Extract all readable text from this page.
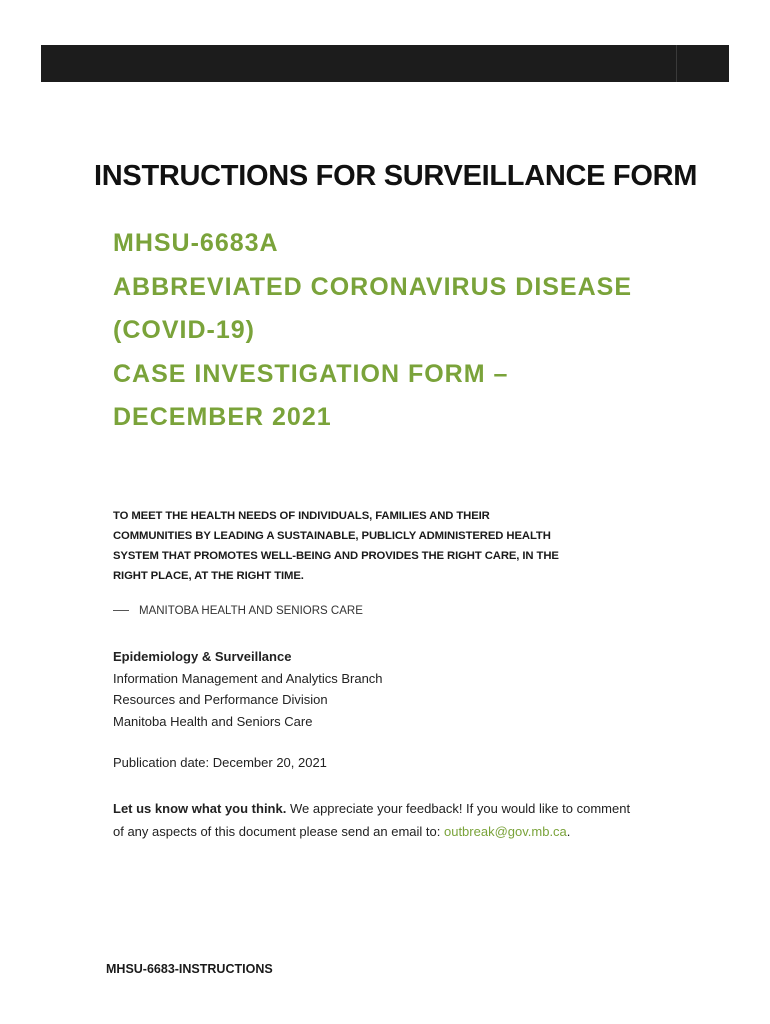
INSTRUCTIONS FOR SURVEILLANCE FORM
MHSU-6683A
ABBREVIATED CORONAVIRUS DISEASE
(COVID-19)
CASE INVESTIGATION FORM –
DECEMBER 2021
TO MEET THE HEALTH NEEDS OF INDIVIDUALS, FAMILIES AND THEIR
COMMUNITIES BY LEADING A SUSTAINABLE, PUBLICLY ADMINISTERED HEALTH
SYSTEM THAT PROMOTES WELL-BEING AND PROVIDES THE RIGHT CARE, IN THE
RIGHT PLACE, AT THE RIGHT TIME.
MANITOBA HEALTH AND SENIORS CARE
Epidemiology & Surveillance
Information Management and Analytics Branch
Resources and Performance Division
Manitoba Health and Seniors Care
Publication date: December 20, 2021
Let us know what you think. We appreciate your feedback! If you would like to comment
of any aspects of this document please send an email to: outbreak@gov.mb.ca.
MHSU-6683-INSTRUCTIONS
